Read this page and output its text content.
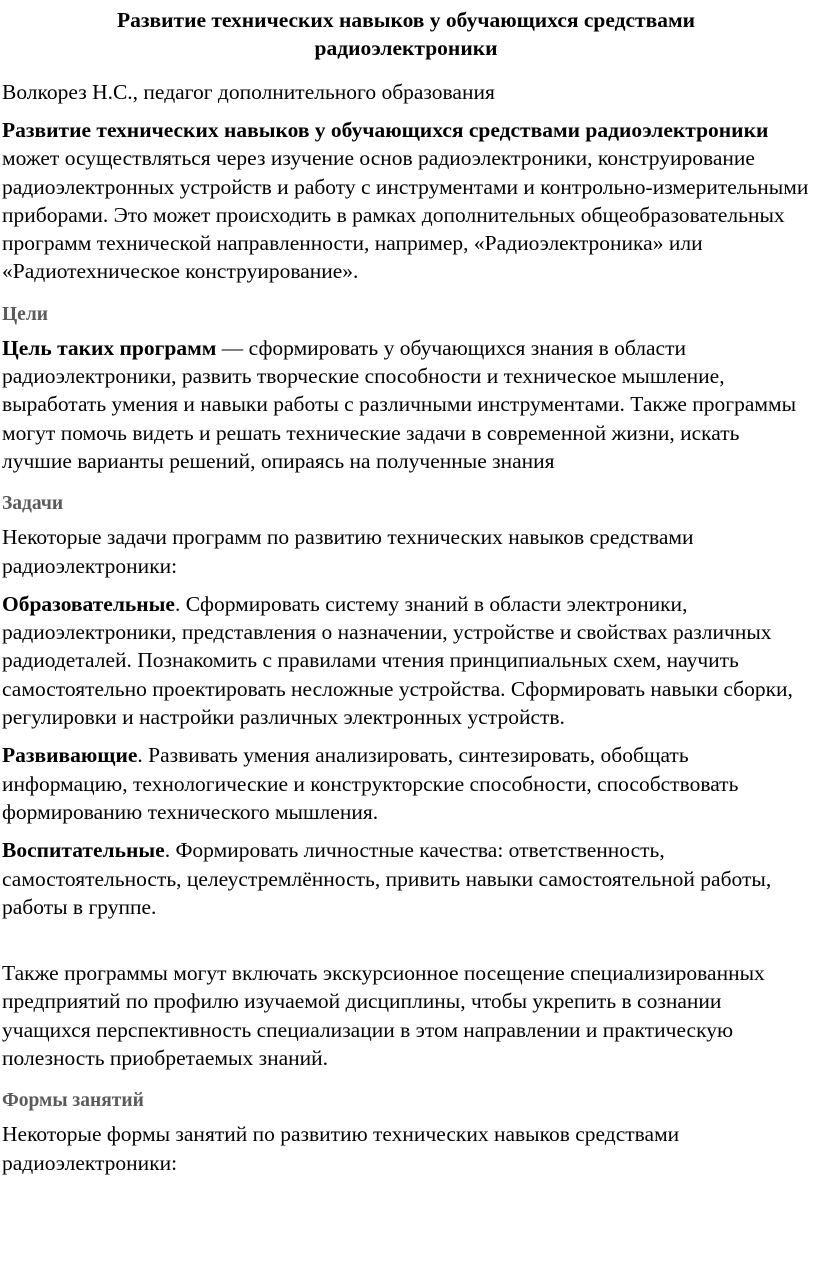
Развитие технических навыков у обучающихся средствами
радиоэлектроники

Волкорез Н.С., педагог дополнительного образования

Развитие технических навыков у обучающихся средствами радиоэлектроники может осуществляться через изучение основ радиоэлектроники, конструирование радиоэлектронных устройств и работу с инструментами и контрольно-измерительными приборами. Это может происходить в рамках дополнительных общеобразовательных программ технической направленности, например, «Радиоэлектроника» или «Радиотехническое конструирование».

Цели

Цель таких программ — сформировать у обучающихся знания в области радиоэлектроники, развить творческие способности и техническое мышление, выработать умения и навыки работы с различными инструментами. Также программы могут помочь видеть и решать технические задачи в современной жизни, искать лучшие варианты решений, опираясь на полученные знания

Задачи

Некоторые задачи программ по развитию технических навыков средствами радиоэлектроники:

Образовательные. Сформировать систему знаний в области электроники, радиоэлектроники, представления о назначении, устройстве и свойствах различных радиодеталей. Познакомить с правилами чтения принципиальных схем, научить самостоятельно проектировать несложные устройства. Сформировать навыки сборки, регулировки и настройки различных электронных устройств.

Развивающие. Развивать умения анализировать, синтезировать, обобщать информацию, технологические и конструкторские способности, способствовать формированию технического мышления.

Воспитательные. Формировать личностные качества: ответственность, самостоятельность, целеустремлённость, привить навыки самостоятельной работы, работы в группе.

Также программы могут включать экскурсионное посещение специализированных предприятий по профилю изучаемой дисциплины, чтобы укрепить в сознании учащихся перспективность специализации в этом направлении и практическую полезность приобретаемых знаний.

Формы занятий

Некоторые формы занятий по развитию технических навыков средствами радиоэлектроники:
